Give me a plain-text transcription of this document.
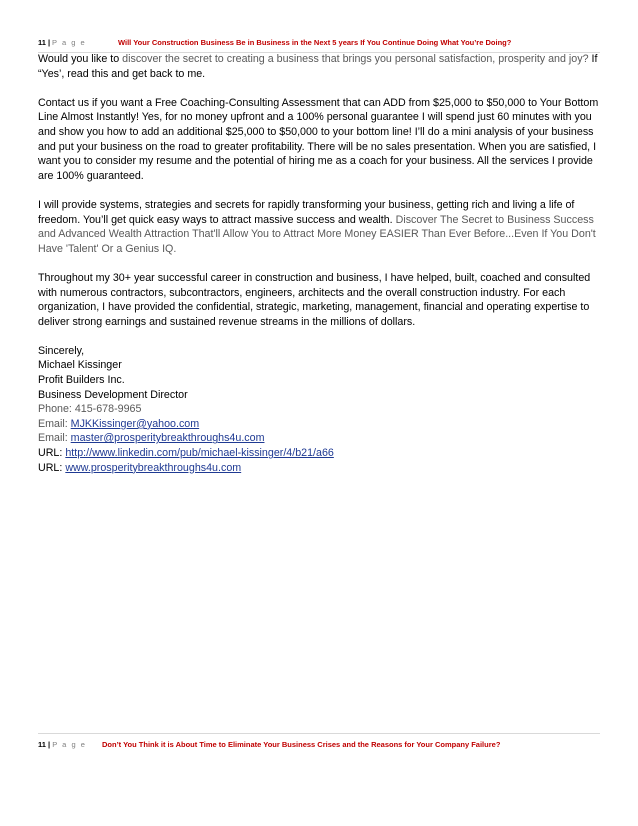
11 | P a g e	Will Your Construction Business Be in Business in the Next 5 years If You Continue Doing What You’re Doing?

Would you like to discover the secret to creating a business that brings you personal satisfaction, prosperity and joy? If “Yes’, read this and get back to me.

Contact us if you want a Free Coaching-Consulting Assessment that can ADD from $25,000 to $50,000 to Your Bottom Line Almost Instantly! Yes, for no money upfront and a 100% personal guarantee I will spend just 60 minutes with you and show you how to add an additional $25,000 to $50,000 to your bottom line! I’ll do a mini analysis of your business and put your business on the road to greater profitability. There will be no sales presentation. When you are satisfied, I want you to consider my resume and the potential of hiring me as a coach for your business. All the services I provide are 100% guaranteed.

I will provide systems, strategies and secrets for rapidly transforming your business, getting rich and living a life of freedom. You’ll get quick easy ways to attract massive success and wealth. Discover The Secret to Business Success and Advanced Wealth Attraction That'll Allow You to Attract More Money EASIER Than Ever Before...Even If You Don't Have 'Talent' Or a Genius IQ.

Throughout my 30+ year successful career in construction and business, I have helped, built, coached and consulted with numerous contractors, subcontractors, engineers, architects and the overall construction industry. For each organization, I have provided the confidential, strategic, marketing, management, financial and operating expertise to deliver strong earnings and sustained revenue streams in the millions of dollars.

Sincerely,
Michael Kissinger
Profit Builders Inc.
Business Development Director
Phone: 415-678-9965
Email: MJKKissinger@yahoo.com
Email: master@prosperitybreakthroughs4u.com
URL: http://www.linkedin.com/pub/michael-kissinger/4/b21/a66
URL: www.prosperitybreakthroughs4u.com
11 | P a g e Don’t You Think it is About Time to Eliminate Your Business Crises and the Reasons for Your Company Failure?
